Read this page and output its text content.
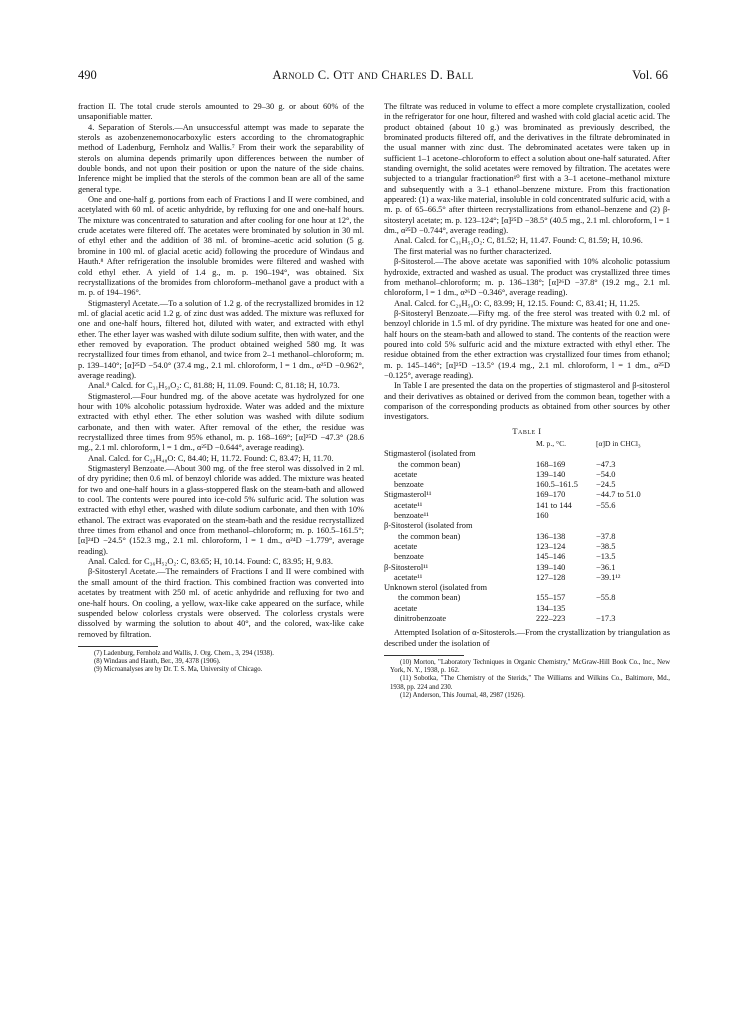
490	Arnold C. Ott and Charles D. Ball	Vol. 66

fraction II. The total crude sterols amounted to 29–30 g. or about 60% of the unsaponifiable matter.

4. Separation of Sterols.—An unsuccessful attempt was made to separate the sterols as azobenzenemonocarboxylic esters according to the chromatographic method of Ladenburg, Fernholz and Wallis.⁷ From their work the separability of sterols on alumina depends primarily upon differences between the number of double bonds, and not upon their position or upon the nature of the side chains. Inference might be implied that the sterols of the common bean are all of the same general type.

One and one-half g. portions from each of Fractions I and II were combined, and acetylated with 60 ml. of acetic anhydride, by refluxing for one and one-half hours. The mixture was concentrated to saturation and after cooling for one hour at 12°, the crude acetates were filtered off. The acetates were brominated by solution in 30 ml. of ethyl ether and the addition of 38 ml. of bromine–acetic acid solution (5 g. bromine in 100 ml. of glacial acetic acid) following the procedure of Windaus and Hauth.⁸ After refrigeration the insoluble bromides were filtered and washed with cold ethyl ether. A yield of 1.4 g., m. p. 190–194°, was obtained. Six recrystallizations of the bromides from chloroform–methanol gave a product with a m. p. of 194–196°.

Stigmasteryl Acetate.—To a solution of 1.2 g. of the recrystallized bromides in 12 ml. of glacial acetic acid 1.2 g. of zinc dust was added. The mixture was refluxed for one and one-half hours, filtered hot, diluted with water, and extracted with ethyl ether. The ether layer was washed with dilute sodium sulfite, then with water, and the ether removed by evaporation. The product obtained weighed 580 mg. It was recrystallized four times from ethanol, and twice from 2–1 methanol–chloroform; m. p. 139–140°; [α]²⁵D −54.0° (37.4 mg., 2.1 ml. chloroform, l = 1 dm., α²⁵D −0.962°, average reading).

Anal.⁹ Calcd. for C₃₁H₅₀O₂: C, 81.88; H, 11.09. Found: C, 81.18; H, 10.73.

Stigmasterol.—Four hundred mg. of the above acetate was hydrolyzed for one hour with 10% alcoholic potassium hydroxide. Water was added and the mixture extracted with ethyl ether. The ether solution was washed with dilute sodium carbonate, and then with water. After removal of the ether, the residue was recrystallized three times from 95% ethanol, m. p. 168–169°; [α]²⁵D −47.3° (28.6 mg., 2.1 ml. chloroform, l = 1 dm., α²⁵D −0.644°, average reading).

Anal. Calcd. for C₂₉H₄₈O: C, 84.40; H, 11.72. Found: C, 83.47; H, 11.70.

Stigmasteryl Benzoate.—About 300 mg. of the free sterol was dissolved in 2 ml. of dry pyridine; then 0.6 ml. of benzoyl chloride was added. The mixture was heated for two and one-half hours in a glass-stoppered flask on the steam-bath and allowed to cool. The contents were poured into ice-cold 5% sulfuric acid. The solution was extracted with ethyl ether, washed with dilute sodium carbonate, and then with 10% ethanol. The extract was evaporated on the steam-bath and the residue recrystallized three times from ethanol and once from methanol–chloroform; m. p. 160.5–161.5°; [α]²⁴D −24.5° (152.3 mg., 2.1 ml. chloroform, l = 1 dm., α²⁴D −1.779°, average reading).

Anal. Calcd. for C₃₆H₅₂O₂: C, 83.65; H, 10.14. Found: C, 83.95; H, 9.83.

β-Sitosteryl Acetate.—The remainders of Fractions I and II were combined with the small amount of the third fraction. This combined fraction was converted into acetates by treatment with 250 ml. of acetic anhydride and refluxing for two and one-half hours. On cooling, a yellow, wax-like cake appeared on the surface, while suspended below colorless crystals were observed. The colorless crystals were dissolved by warming the solution to about 40°, and the colored, wax-like cake removed by filtration.

(7) Ladenburg, Fernholz and Wallis, J. Org. Chem., 3, 294 (1938).

(8) Windaus and Hauth, Ber., 39, 4378 (1906).

(9) Microanalyses are by Dr. T. S. Ma, University of Chicago.

The filtrate was reduced in volume to effect a more complete crystallization, cooled in the refrigerator for one hour, filtered and washed with cold glacial acetic acid. The product obtained (about 10 g.) was brominated as previously described, the brominated products filtered off, and the derivatives in the filtrate debrominated in the usual manner with zinc dust. The debrominated acetates were taken up in sufficient 1–1 acetone–chloroform to effect a solution about one-half saturated. After standing overnight, the solid acetates were removed by filtration. The acetates were subjected to a triangular fractionation¹⁰ first with a 3–1 acetone–methanol mixture and subsequently with a 3–1 ethanol–benzene mixture. From this fractionation appeared: (1) a wax-like material, insoluble in cold concentrated sulfuric acid, with a m. p. of 65–66.5° after thirteen recrystallizations from ethanol–benzene and (2) β-sitosteryl acetate; m. p. 123–124°; [α]²⁵D −38.5° (40.5 mg., 2.1 ml. chloroform, l = 1 dm., α²⁵D −0.744°, average reading).

Anal. Calcd. for C₃₁H₅₂O₂: C, 81.52; H, 11.47. Found: C, 81.59; H, 10.96.

The first material was no further characterized.

β-Sitosterol.—The above acetate was saponified with 10% alcoholic potassium hydroxide, extracted and washed as usual. The product was crystallized three times from methanol–chloroform; m. p. 136–138°; [α]²⁶D −37.8° (19.2 mg., 2.1 ml. chloroform, l = 1 dm., α²⁶D −0.346°, average reading).

Anal. Calcd. for C₂₉H₅₀O: C, 83.99; H, 12.15. Found: C, 83.41; H, 11.25.

β-Sitosteryl Benzoate.—Fifty mg. of the free sterol was treated with 0.2 ml. of benzoyl chloride in 1.5 ml. of dry pyridine. The mixture was heated for one and one-half hours on the steam-bath and allowed to stand. The contents of the reaction were poured into cold 5% sulfuric acid and the mixture extracted with ethyl ether. The residue obtained from the ether extraction was crystallized four times from ethanol; m. p. 145–146°; [α]²⁵D −13.5° (19.4 mg., 2.1 ml. chloroform, l = 1 dm., α²⁵D −0.125°, average reading).

In Table I are presented the data on the properties of stigmasterol and β-sitosterol and their derivatives as obtained or derived from the common bean, together with a comparison of the corresponding products as obtained from other sources by other investigators.

Table I
	M. p., °C.	[α]D in CHCl₃
Stigmasterol (isolated from		
the common bean)	168–169	−47.3
acetate	139–140	−54.0
benzoate	160.5–161.5	−24.5
Stigmasterol¹¹	169–170	−44.7 to 51.0
acetate¹¹	141 to 144	−55.6
benzoate¹¹	160	
β-Sitosterol (isolated from		
the common bean)	136–138	−37.8
acetate	123–124	−38.5
benzoate	145–146	−13.5
β-Sitosterol¹¹	139–140	−36.1
acetate¹¹	127–128	−39.1¹²
Unknown sterol (isolated from		
the common bean)	155–157	−55.8
acetate	134–135	
dinitrobenzoate	222–223	−17.3

Attempted Isolation of α-Sitosterols.—From the crystallization by triangulation as described under the isolation of

(10) Morton, "Laboratory Techniques in Organic Chemistry," McGraw-Hill Book Co., Inc., New York, N. Y., 1938, p. 162.

(11) Sobotka, "The Chemistry of the Sterids," The Williams and Wilkins Co., Baltimore, Md., 1938, pp. 224 and 230.

(12) Anderson, This Journal, 48, 2987 (1926).
